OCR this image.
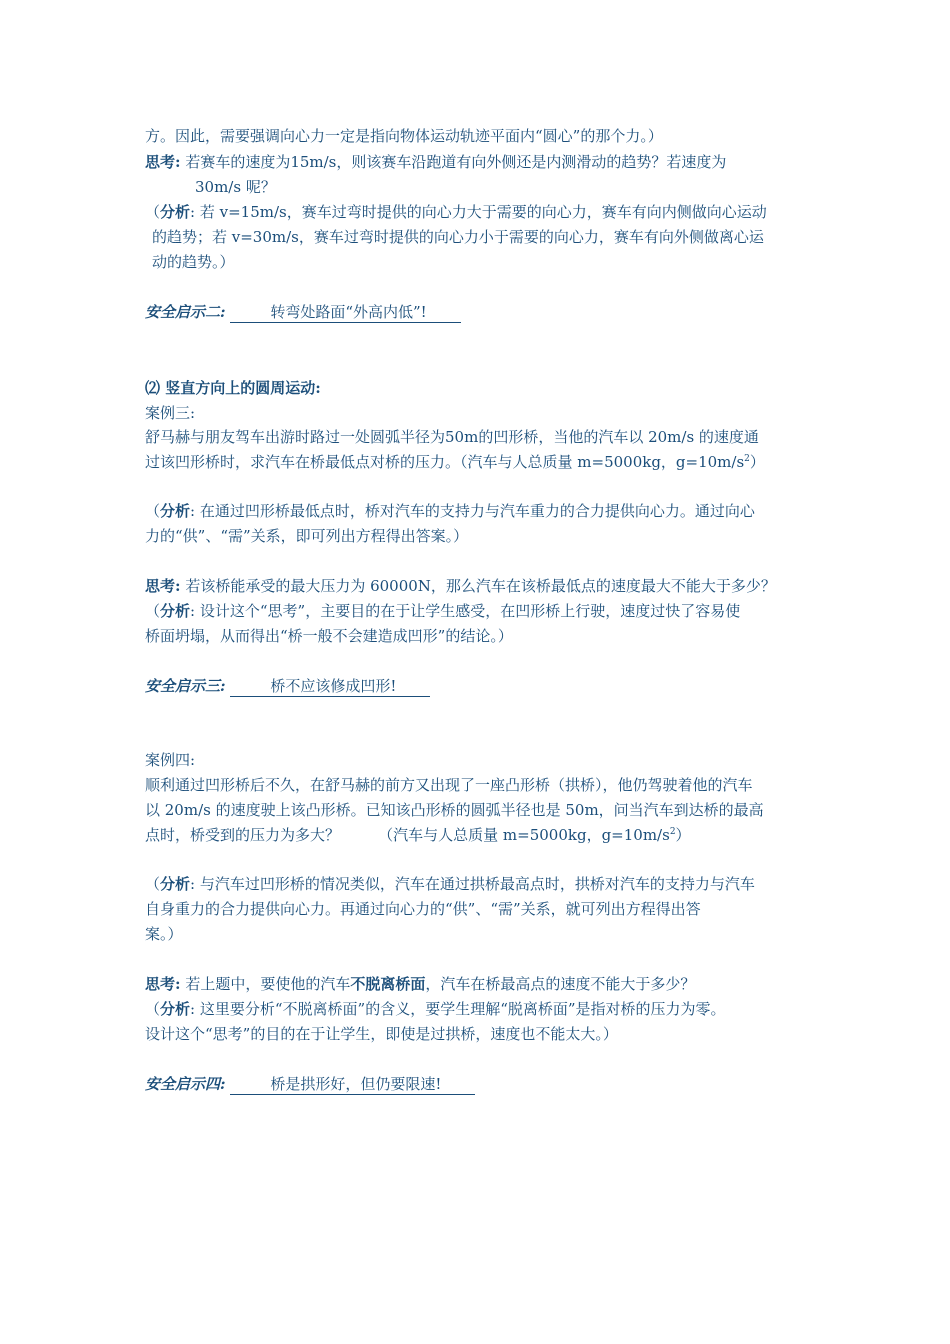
方。因此，需要强调向心力一定是指向物体运动轨迹平面内“圆心”的那个力。）
思考: 若赛车的速度为15m/s，则该赛车沿跑道有向外侧还是内测滑动的趋势？若速度为
30m/s 呢？
（分析: 若 v=15m/s，赛车过弯时提供的向心力大于需要的向心力，赛车有向内侧做向心运动
的趋势；若 v=30m/s，赛车过弯时提供的向心力小于需要的向心力，赛车有向外侧做离心运
动的趋势。）
安全启示二:	转弯处路面“外高内低”!
⑵ 竖直方向上的圆周运动:
案例三:
舒马赫与朋友驾车出游时路过一处圆弧半径为50m的凹形桥，当他的汽车以 20m/s 的速度通
过该凹形桥时，求汽车在桥最低点对桥的压力。（汽车与人总质量 m=5000kg，$g=10m/s^2$）
（分析: 在通过凹形桥最低点时，桥对汽车的支持力与汽车重力的合力提供向心力。通过向心
力的“供”、“需”关系，即可列出方程得出答案。）
思考: 若该桥能承受的最大压力为 60000N，那么汽车在该桥最低点的速度最大不能大于多少？
（分析: 设计这个“思考”，主要目的在于让学生感受，在凹形桥上行驶，速度过快了容易使
桥面坍塌，从而得出“桥一般不会建造成凹形”的结论。）
安全启示三:	桥不应该修成凹形!
案例四:
顺利通过凹形桥后不久，在舒马赫的前方又出现了一座凸形桥（拱桥），他仍驾驶着他的汽车
以 20m/s 的速度驶上该凸形桥。已知该凸形桥的圆弧半径也是 50m，问当汽车到达桥的最高
点时，桥受到的压力为多大？        （汽车与人总质量 m=5000kg，$g=10m/s^2$）
（分析: 与汽车过凹形桥的情况类似，汽车在通过拱桥最高点时，拱桥对汽车的支持力与汽车
自身重力的合力提供向心力。再通过向心力的“供”、“需”关系，就可列出方程得出答
案。）
思考: 若上题中，要使他的汽车不脱离桥面，汽车在桥最高点的速度不能大于多少？
（分析: 这里要分析“不脱离桥面”的含义，要学生理解“脱离桥面”是指对桥的压力为零。
设计这个“思考”的目的在于让学生，即使是过拱桥，速度也不能太大。）
安全启示四:	桥是拱形好，但仍要限速!
